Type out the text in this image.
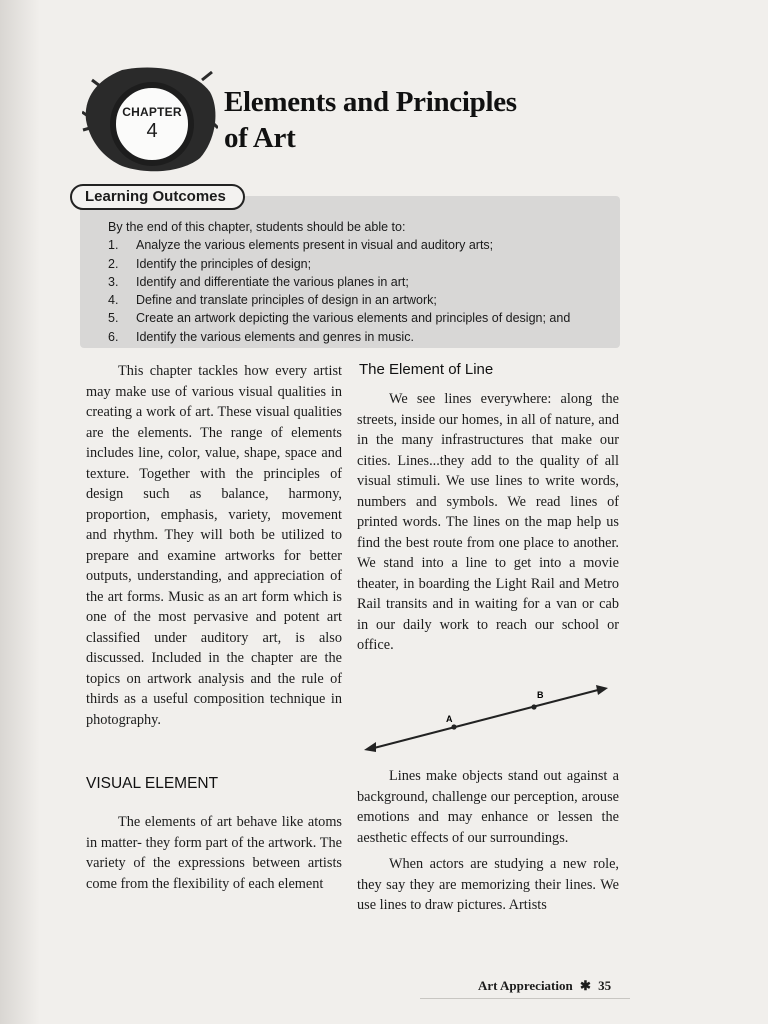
CHAPTER
4
Elements and Principles
of Art
Learning Outcomes
By the end of this chapter, students should be able to:
1.	Analyze the various elements present in visual and auditory arts;
2.	Identify the principles of design;
3.	Identify and differentiate the various planes in art;
4.	Define and translate principles of design in an artwork;
5.	Create an artwork depicting the various elements and principles of design; and
6.	Identify the various elements and genres in music.

This chapter tackles how every artist may make use of various visual qualities in creating a work of art. These visual qualities are the elements. The range of elements includes line, color, value, shape, space and texture. Together with the principles of design such as balance, harmony, proportion, emphasis, variety, movement and rhythm. They will both be utilized to prepare and examine artworks for better outputs, understanding, and appreciation of the art forms. Music as an art form which is one of the most pervasive and potent art classified under auditory art, is also discussed. Included in the chapter are the topics on artwork analysis and the rule of thirds as a useful composition technique in photography.

VISUAL ELEMENT

The elements of art behave like atoms in matter- they form part of the artwork. The variety of the expressions between artists come from the flexibility of each element

The Element of Line

We see lines everywhere: along the streets, inside our homes, in all of nature, and in the many infrastructures that make our cities. Lines...they add to the quality of all visual stimuli. We use lines to write words, numbers and symbols. We read lines of printed words. The lines on the map help us find the best route from one place to another. We stand into a line to get into a movie theater, in boarding the Light Rail and Metro Rail transits and in waiting for a van or cab in our daily work to reach our school or office.

A
B

Lines make objects stand out against a background, challenge our perception, arouse emotions and may enhance or lessen the aesthetic effects of our surroundings.

When actors are studying a new role, they say they are memorizing their lines. We use lines to draw pictures. Artists

Art Appreciation ✱ 35
